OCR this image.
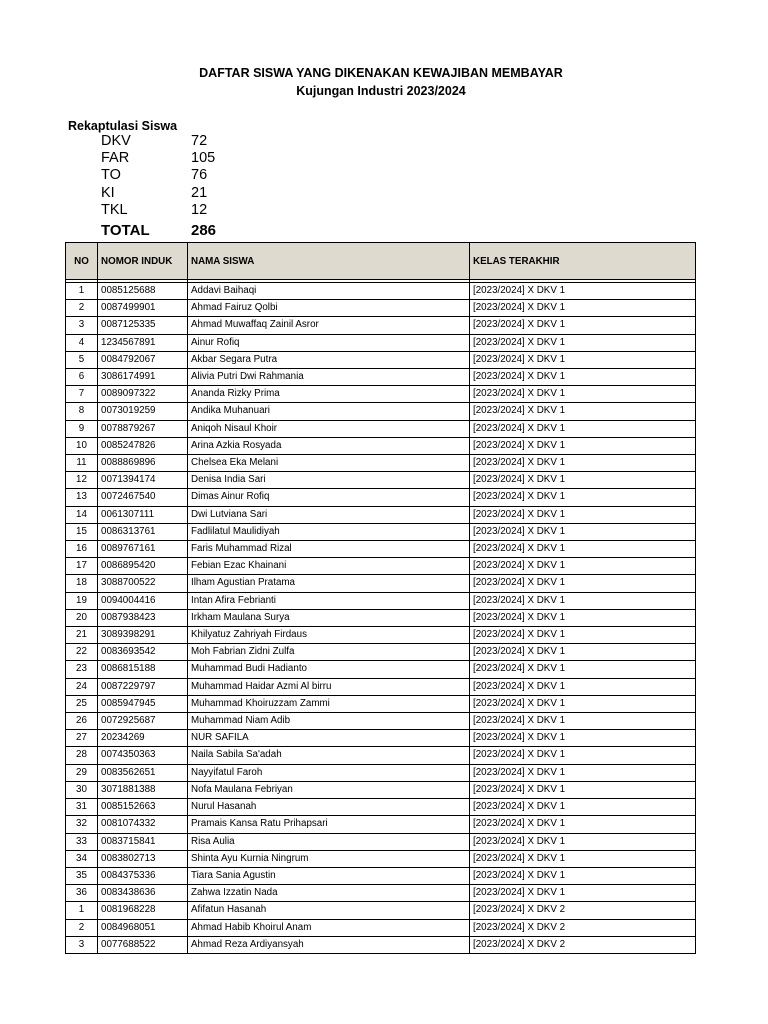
DAFTAR SISWA YANG DIKENAKAN KEWAJIBAN MEMBAYAR
Kujungan Industri 2023/2024
Rekaptulasi Siswa
DKV	72
FAR	105
TO	76
KI	21
TKL	12
TOTAL	286
NO	NOMOR INDUK	NAMA SISWA	KELAS TERAKHIR

1	0085125688	Addavi Baihaqi	[2023/2024] X DKV 1
2	0087499901	Ahmad Fairuz Qolbi	[2023/2024] X DKV 1
3	0087125335	Ahmad Muwaffaq Zainil Asror	[2023/2024] X DKV 1
4	1234567891	Ainur Rofiq	[2023/2024] X DKV 1
5	0084792067	Akbar Segara Putra	[2023/2024] X DKV 1
6	3086174991	Alivia Putri Dwi Rahmania	[2023/2024] X DKV 1
7	0089097322	Ananda Rizky Prima	[2023/2024] X DKV 1
8	0073019259	Andika Muhanuari	[2023/2024] X DKV 1
9	0078879267	Aniqoh Nisaul Khoir	[2023/2024] X DKV 1
10	0085247826	Arina Azkia Rosyada	[2023/2024] X DKV 1
11	0088869896	Chelsea Eka Melani	[2023/2024] X DKV 1
12	0071394174	Denisa India Sari	[2023/2024] X DKV 1
13	0072467540	Dimas Ainur Rofiq	[2023/2024] X DKV 1
14	0061307111	Dwi Lutviana Sari	[2023/2024] X DKV 1
15	0086313761	Fadlilatul Maulidiyah	[2023/2024] X DKV 1
16	0089767161	Faris Muhammad Rizal	[2023/2024] X DKV 1
17	0086895420	Febian Ezac Khainani	[2023/2024] X DKV 1
18	3088700522	Ilham Agustian Pratama	[2023/2024] X DKV 1
19	0094004416	Intan Afira Febrianti	[2023/2024] X DKV 1
20	0087938423	Irkham Maulana Surya	[2023/2024] X DKV 1
21	3089398291	Khilyatuz Zahriyah Firdaus	[2023/2024] X DKV 1
22	0083693542	Moh Fabrian Zidni Zulfa	[2023/2024] X DKV 1
23	0086815188	Muhammad Budi Hadianto	[2023/2024] X DKV 1
24	0087229797	Muhammad Haidar Azmi Al birru	[2023/2024] X DKV 1
25	0085947945	Muhammad Khoiruzzam Zammi	[2023/2024] X DKV 1
26	0072925687	Muhammad Niam Adib	[2023/2024] X DKV 1
27	20234269	NUR SAFILA	[2023/2024] X DKV 1
28	0074350363	Naila Sabila Sa'adah	[2023/2024] X DKV 1
29	0083562651	Nayyifatul Faroh	[2023/2024] X DKV 1
30	3071881388	Nofa Maulana Febriyan	[2023/2024] X DKV 1
31	0085152663	Nurul Hasanah	[2023/2024] X DKV 1
32	0081074332	Pramais Kansa Ratu Prihapsari	[2023/2024] X DKV 1
33	0083715841	Risa Aulia	[2023/2024] X DKV 1
34	0083802713	Shinta Ayu Kurnia Ningrum	[2023/2024] X DKV 1
35	0084375336	Tiara Sania Agustin	[2023/2024] X DKV 1
36	0083438636	Zahwa Izzatin Nada	[2023/2024] X DKV 1
1	0081968228	Afifatun Hasanah	[2023/2024] X DKV 2
2	0084968051	Ahmad Habib Khoirul Anam	[2023/2024] X DKV 2
3	0077688522	Ahmad Reza Ardiyansyah	[2023/2024] X DKV 2
